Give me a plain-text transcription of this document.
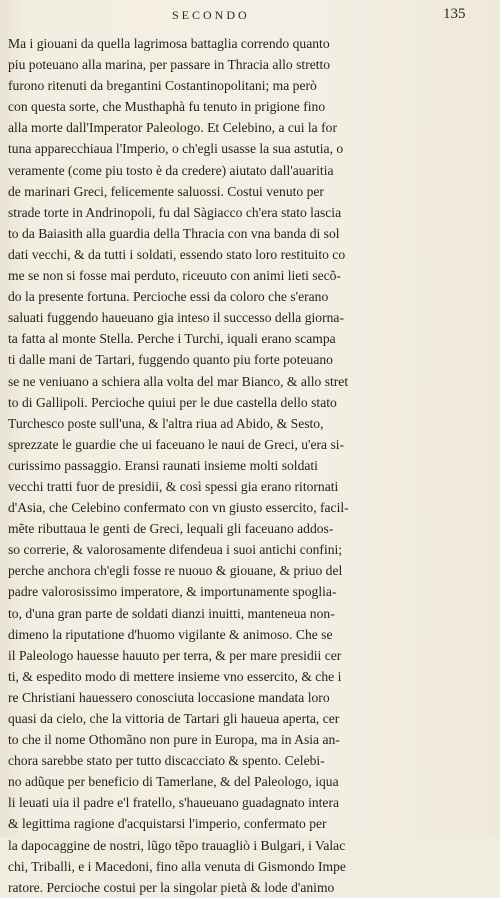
SECONDO	135
Ma i giouani da quella lagrimosa battaglia correndo quanto
piu poteuano alla marina, per passare in Thracia allo stretto
furono ritenuti da bregantini Costantinopolitani; ma però
con questa sorte, che Musthaphà fu tenuto in prigione fino
alla morte dall'Imperator Paleologo. Et Celebino, a cui la for
tuna apparecchiaua l'Imperio, o ch'egli usasse la sua astutia, o
veramente (come piu tosto è da credere) aiutato dall'auaritia
de marinari Greci, felicemente saluossi. Costui venuto per
strade torte in Andrinopoli, fu dal Sàgiacco ch'era stato lascia
to da Baiasith alla guardia della Thracia con vna banda di sol
dati vecchi, & da tutti i soldati, essendo stato loro restituito co
me se non si fosse mai perduto, riceuuto con animi lieti secõ-
do la presente fortuna. Percioche essi da coloro che s'erano
saluati fuggendo haueuano gia inteso il successo della giorna-
ta fatta al monte Stella. Perche i Turchi, iquali erano scampa
ti dalle mani de Tartari, fuggendo quanto piu forte poteuano
se ne veniuano a schiera alla volta del mar Bianco, & allo stret
to di Gallipoli. Percioche quiui per le due castella dello stato
Turchesco poste sull'una, & l'altra riua ad Abido, & Sesto,
sprezzate le guardie che ui faceuano le naui de Greci, u'era si-
curissimo passaggio. Eransi raunati insieme molti soldati
vecchi tratti fuor de presidii, & così spessi gia erano ritornati
d'Asia, che Celebino confermato con vn giusto essercito, facil-
mẽte ributtaua le genti de Greci, lequali gli faceuano addos-
so correrie, & valorosamente difendeua i suoi antichi confini;
perche anchora ch'egli fosse re nuouo & giouane, & priuo del
padre valorosissimo imperatore, & importunamente spoglia-
to, d'una gran parte de soldati dianzi inuitti, manteneua non-
dimeno la riputatione d'huomo vigilante & animoso. Che se
il Paleologo hauesse hauuto per terra, & per mare presidii cer
ti, & espedito modo di mettere insieme vno essercito, & che i
re Christiani hauessero conosciuta loccasione mandata loro
quasi da cielo, che la vittoria de Tartari gli haueua aperta, cer
to che il nome Othomãno non pure in Europa, ma in Asia an-
chora sarebbe stato per tutto discacciato & spento. Celebi-
no adũque per beneficio di Tamerlane, & del Paleologo, iqua
li leuati uia il padre e'l fratello, s'haueuano guadagnato intera
& legittima ragione d'acquistarsi l'imperio, confermato per
la dapocaggine de nostri, lũgo tẽpo trauagliò i Bulgari, i Valac
chi, Triballi, e i Macedoni, fino alla venuta di Gismondo Impe
ratore. Percioche costui per la singolar pietà & lode d'animo
